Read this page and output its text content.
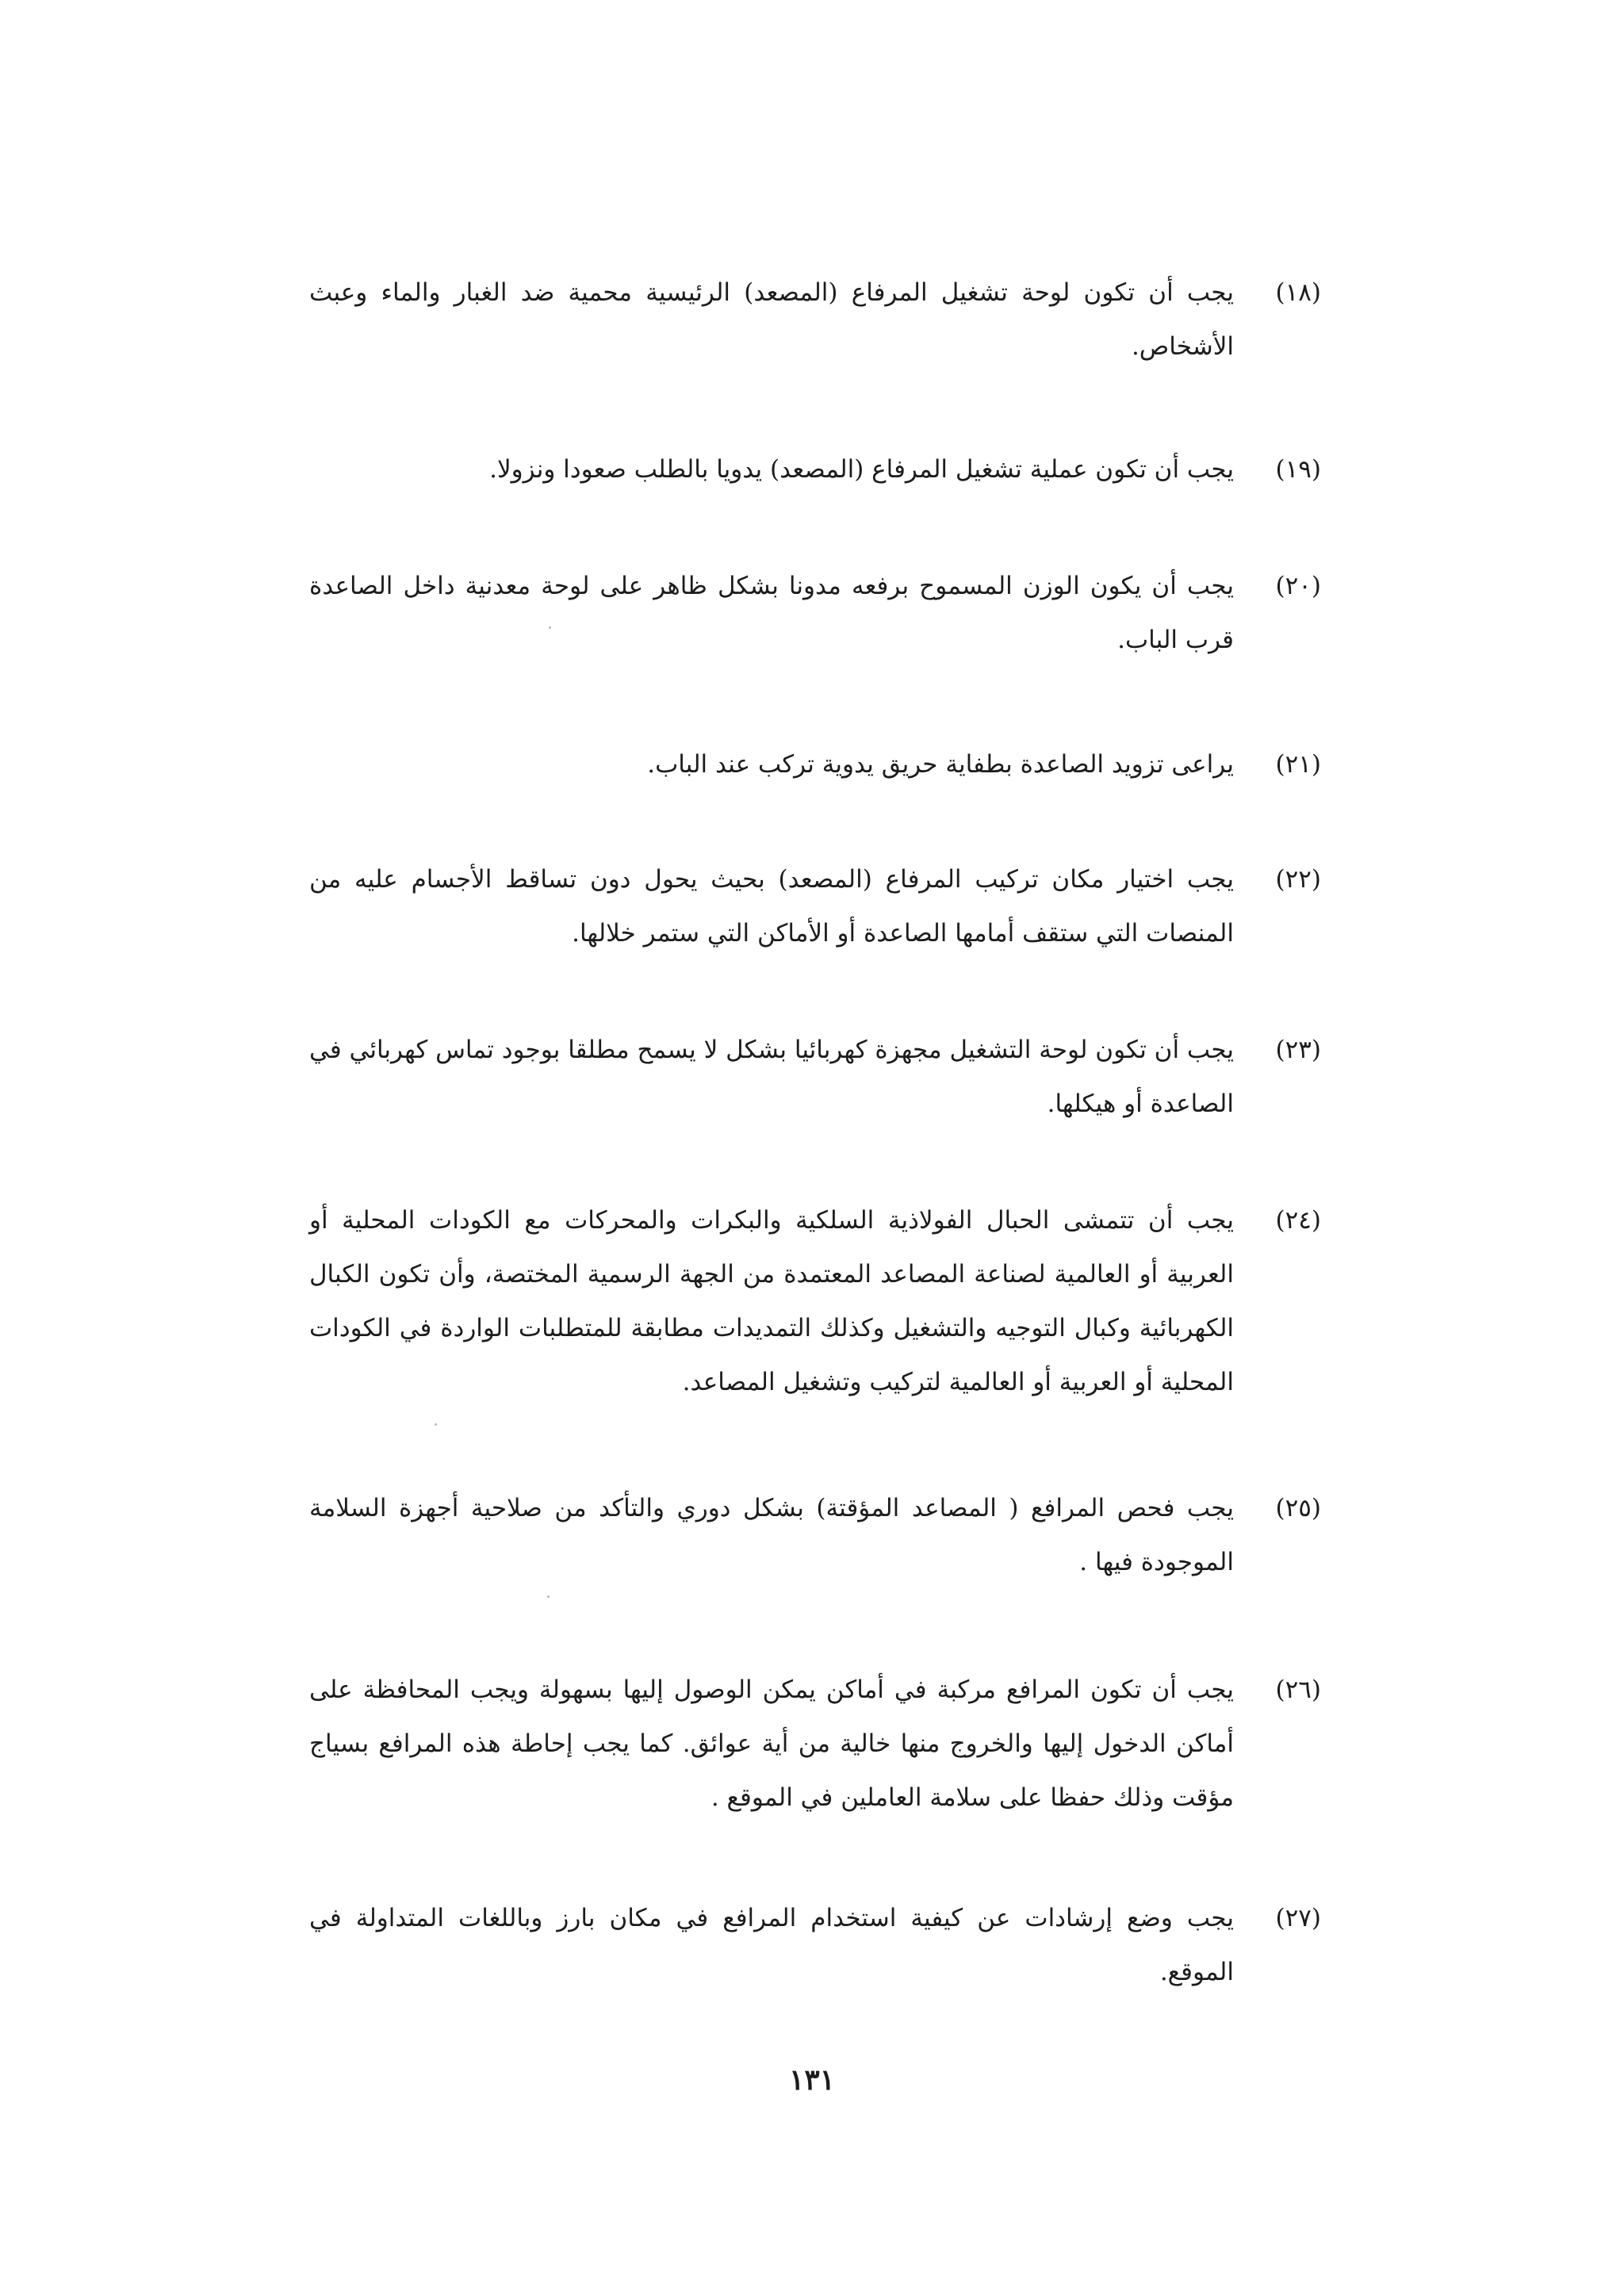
(١٨)
يجب أن تكون لوحة تشغيل المرفاع (المصعد) الرئيسية محمية ضد الغبار والماء وعبث الأشخاص.
(١٩)
يجب أن تكون عملية تشغيل المرفاع (المصعد) يدويا بالطلب صعودا ونزولا.
(٢٠)
يجب أن يكون الوزن المسموح برفعه مدونا بشكل ظاهر على لوحة معدنية داخل الصاعدة قرب الباب.
(٢١)
يراعى تزويد الصاعدة بطفاية حريق يدوية تركب عند الباب.
(٢٢)
يجب اختيار مكان تركيب المرفاع (المصعد) بحيث يحول دون تساقط الأجسام عليه من المنصات التي ستقف أمامها الصاعدة أو الأماكن التي ستمر خلالها.
(٢٣)
يجب أن تكون لوحة التشغيل مجهزة كهربائيا بشكل لا يسمح مطلقا بوجود تماس كهربائي في الصاعدة أو هيكلها.
(٢٤)
يجب أن تتمشى الحبال الفولاذية السلكية والبكرات والمحركات مع الكودات المحلية أو العربية أو العالمية لصناعة المصاعد المعتمدة من الجهة الرسمية المختصة، وأن تكون الكبال الكهربائية وكبال التوجيه والتشغيل وكذلك التمديدات مطابقة للمتطلبات الواردة في الكودات المحلية أو العربية أو العالمية لتركيب وتشغيل المصاعد.
(٢٥)
يجب فحص المرافع ( المصاعد المؤقتة) بشكل دوري والتأكد من صلاحية أجهزة السلامة الموجودة فيها .
(٢٦)
يجب أن تكون المرافع مركبة في أماكن يمكن الوصول إليها بسهولة ويجب المحافظة على أماكن الدخول إليها والخروج منها خالية من أية عوائق. كما يجب إحاطة هذه المرافع بسياج مؤقت وذلك حفظا على سلامة العاملين في الموقع .
(٢٧)
يجب وضع إرشادات عن كيفية استخدام المرافع في مكان بارز وباللغات المتداولة في الموقع.
١٣١
